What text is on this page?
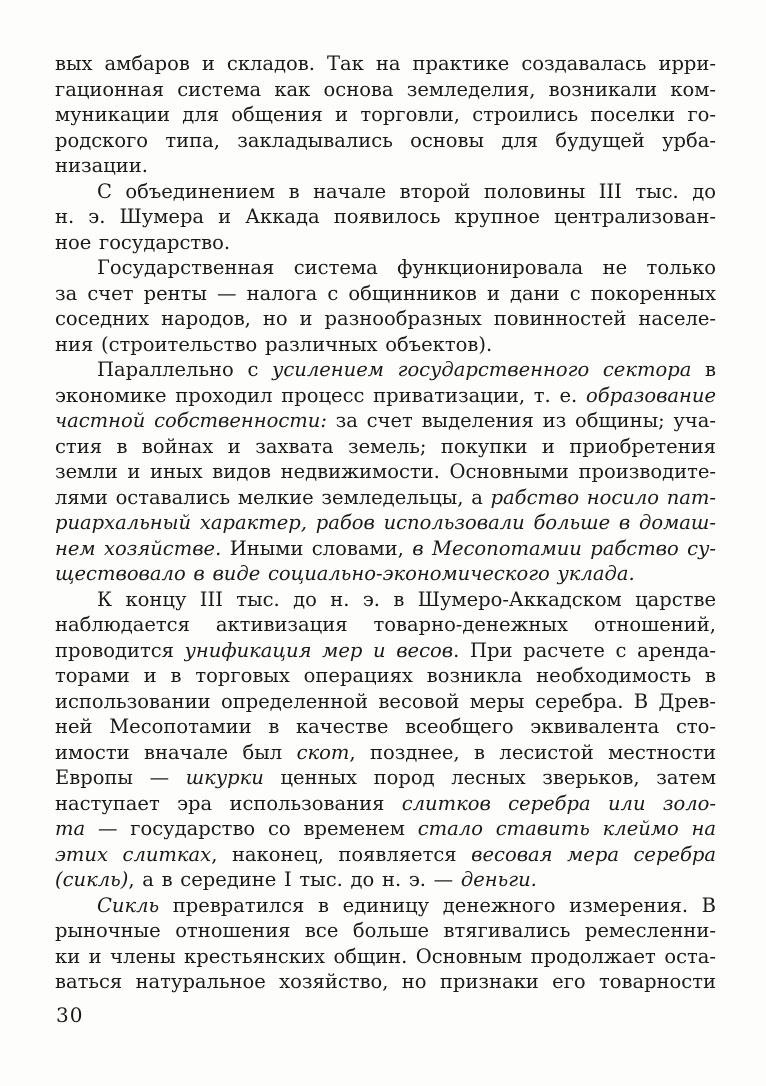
вых амбаров и складов. Так на практике создавалась ирри-
гационная система как основа земледелия, возникали ком-
муникации для общения и торговли, строились поселки го-
родского типа, закладывались основы для будущей урба-
низации.
С объединением в начале второй половины III тыс. до
н. э. Шумера и Аккада появилось крупное централизован-
ное государство.
Государственная система функционировала не только
за счет ренты — налога с общинников и дани с покоренных
соседних народов, но и разнообразных повинностей населе-
ния (строительство различных объектов).
Параллельно с усилением государственного сектора в
экономике проходил процесс приватизации, т. е. образование
частной собственности: за счет выделения из общины; уча-
стия в войнах и захвата земель; покупки и приобретения
земли и иных видов недвижимости. Основными производите-
лями оставались мелкие земледельцы, а рабство носило пат-
риархальный характер, рабов использовали больше в домаш-
нем хозяйстве. Иными словами, в Месопотамии рабство су-
ществовало в виде социально-экономического уклада.
К концу III тыс. до н. э. в Шумеро-Аккадском царстве
наблюдается активизация товарно-денежных отношений,
проводится унификация мер и весов. При расчете с аренда-
торами и в торговых операциях возникла необходимость в
использовании определенной весовой меры серебра. В Древ-
ней Месопотамии в качестве всеобщего эквивалента сто-
имости вначале был скот, позднее, в лесистой местности
Европы — шкурки ценных пород лесных зверьков, затем
наступает эра использования слитков серебра или золо-
та — государство со временем стало ставить клеймо на
этих слитках, наконец, появляется весовая мера серебра
(сикль), а в середине I тыс. до н. э. — деньги.
Сикль превратился в единицу денежного измерения. В
рыночные отношения все больше втягивались ремесленни-
ки и члены крестьянских общин. Основным продолжает оста-
ваться натуральное хозяйство, но признаки его товарности
30
